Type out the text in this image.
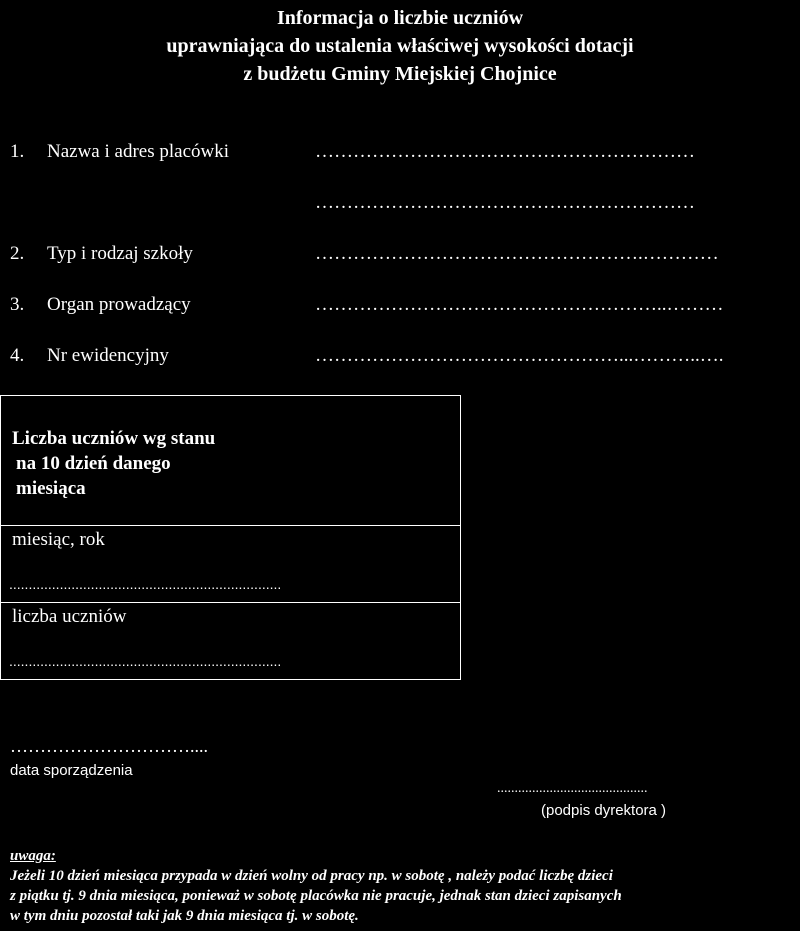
Informacja o liczbie uczniów
uprawniająca do ustalenia właściwej wysokości dotacji
z budżetu Gminy Miejskiej Chojnice
1. Nazwa i adres placówki	……………………………………………………
……………………………………………………
2. Typ i rodzaj szkoły	…………………………………………….…………
3. Organ prowadzący	………………………………………………..………
4. Nr ewidencyjny	…………………………………………...………..….
Liczba uczniów wg stanu
na 10 dzień danego
miesiąca
miesiąc, rok
......................................................................
liczba uczniów
......................................................................
…………………………....
data sporządzenia
...........................................
(podpis dyrektora )
uwaga:
Jeżeli 10 dzień miesiąca przypada w dzień wolny od pracy np. w sobotę , należy podać liczbę dzieci
z piątku tj. 9 dnia miesiąca, ponieważ w sobotę placówka nie pracuje, jednak stan dzieci zapisanych
w tym dniu pozostał taki jak 9 dnia miesiąca tj. w sobotę.
